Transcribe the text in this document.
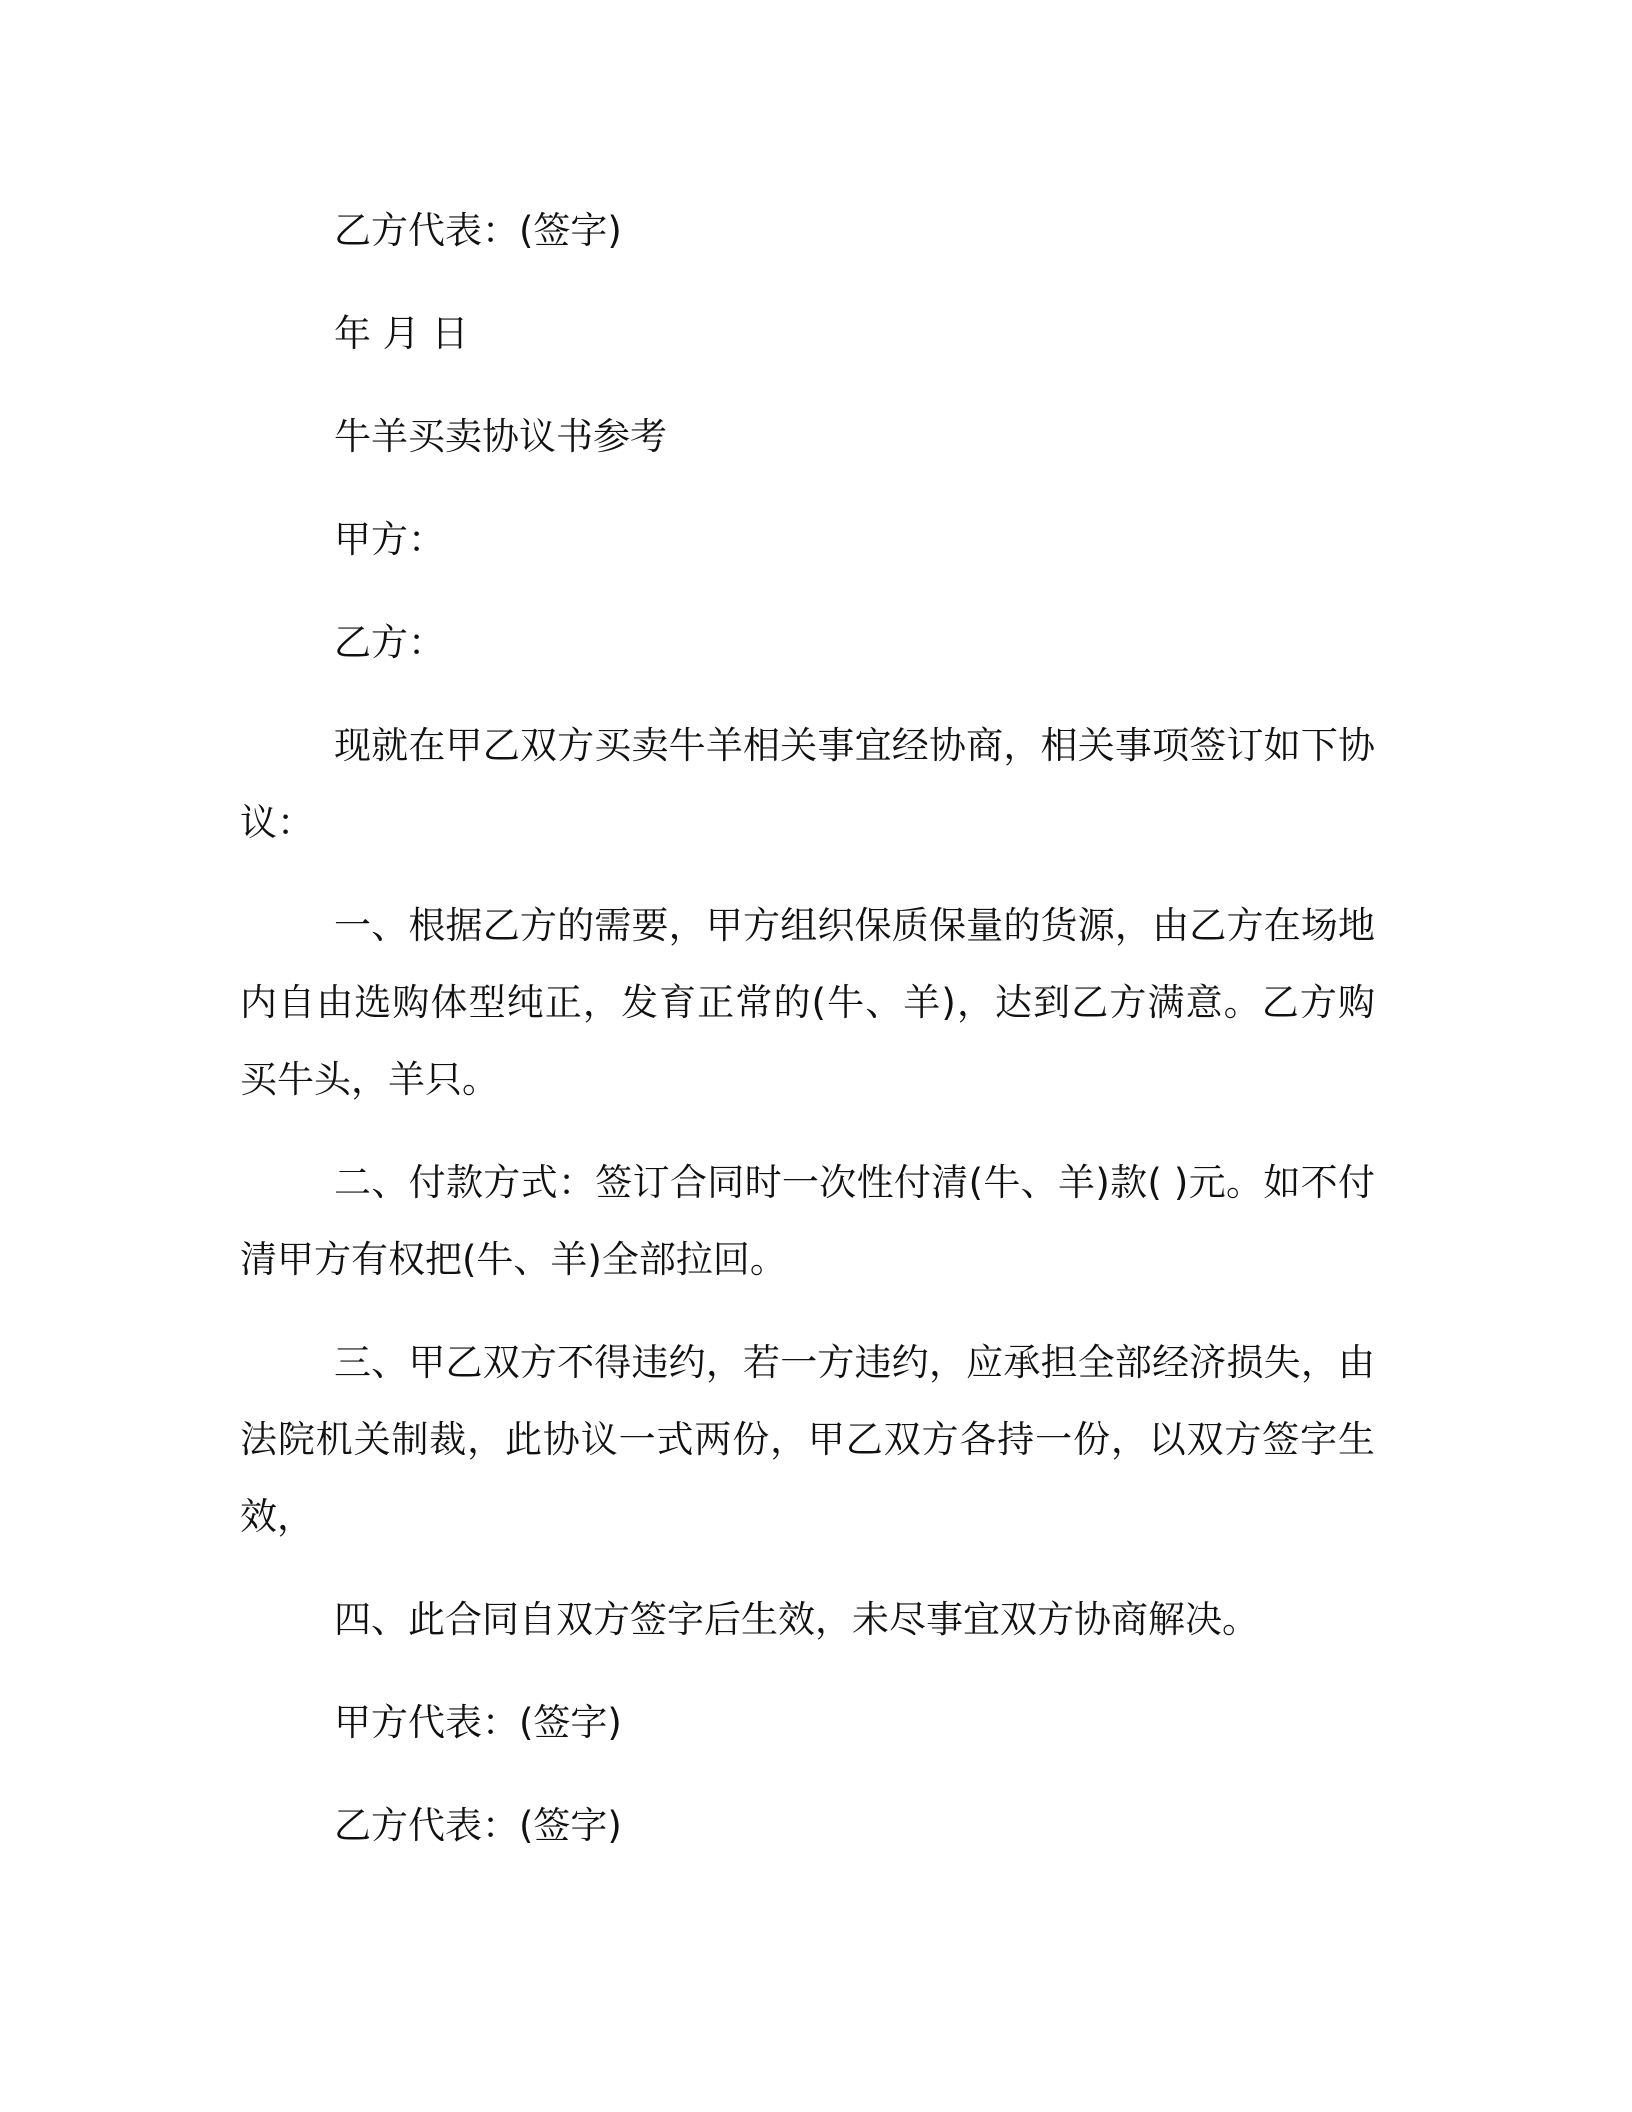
乙方代表：(签字)

年 月 日

牛羊买卖协议书参考

甲方：

乙方：

现就在甲乙双方买卖牛羊相关事宜经协商，相关事项签订如下协议：

一、根据乙方的需要，甲方组织保质保量的货源，由乙方在场地内自由选购体型纯正，发育正常的(牛、羊)，达到乙方满意。乙方购买牛头，羊只。

二、付款方式：签订合同时一次性付清(牛、羊)款( )元。如不付清甲方有权把(牛、羊)全部拉回。

三、甲乙双方不得违约，若一方违约，应承担全部经济损失，由法院机关制裁，此协议一式两份，甲乙双方各持一份，以双方签字生效，

四、此合同自双方签字后生效，未尽事宜双方协商解决。

甲方代表：(签字)

乙方代表：(签字)
